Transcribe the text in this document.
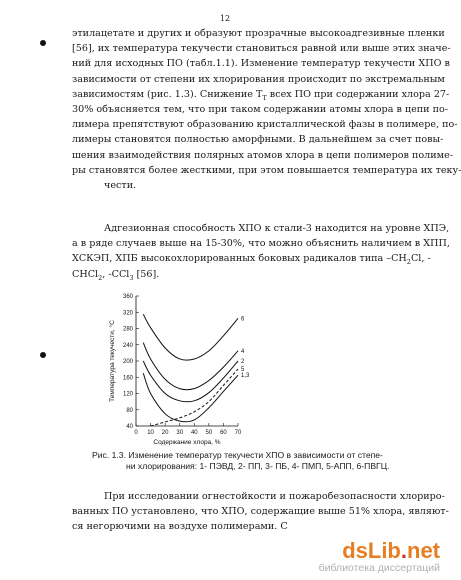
12

этилацетате и других и образуют прозрачные высокоадгезивные пленки
[56], их температура текучести становиться равной или выше этих значе-
ний для исходных ПО (табл.1.1). Изменение температур текучести ХПО в
зависимости от степени их хлорирования происходит по экстремальным
зависимостям (рис. 1.3). Снижение $T_T$ всех ПО при содержании хлора 27-
30% объясняется тем, что при таком содержании атомы хлора в цепи по-
лимера препятствуют образованию кристаллической фазы в полимере, по-
лимеры становятся полностью аморфными. В дальнейшем за счет повы-
шения взаимодействия полярных атомов хлора в цепи полимеров полиме-
ры становятся более жесткими, при этом повышается температура их теку-
чести.

Адгезионная способность ХПО к стали-3 находится на уровне ХПЭ,
а в ряде случаев выше на 15-30%, что можно объяснить наличием в ХПП,
ХСКЭП, ХПБ высокохлорированных боковых радикалов типа $-CH_2Cl$, -
CHCl$_2$, -CCl$_3$ [56].

40
80
120
160
200
240
280
320
360
0 10 20 30 40 50 60 70
Содержание хлора, %
Температура текучести, °С
6
4
2
5
1,3

Рис. 1.3. Изменение температур текучести ХПО в зависимости от степе-
ни хлорирования: 1- ПЭВД, 2- ПП, 3- ПБ, 4- ПМП, 5-АПП, 6-ПВГЦ.

При исследовании огнестойкости и пожаробезопасности хлориро-
ванных ПО установлено, что ХПО, содержащие выше 51% хлора, являют-
ся негорючими на воздухе полимерами. С

dsLib.net
библиотека диссертаций
